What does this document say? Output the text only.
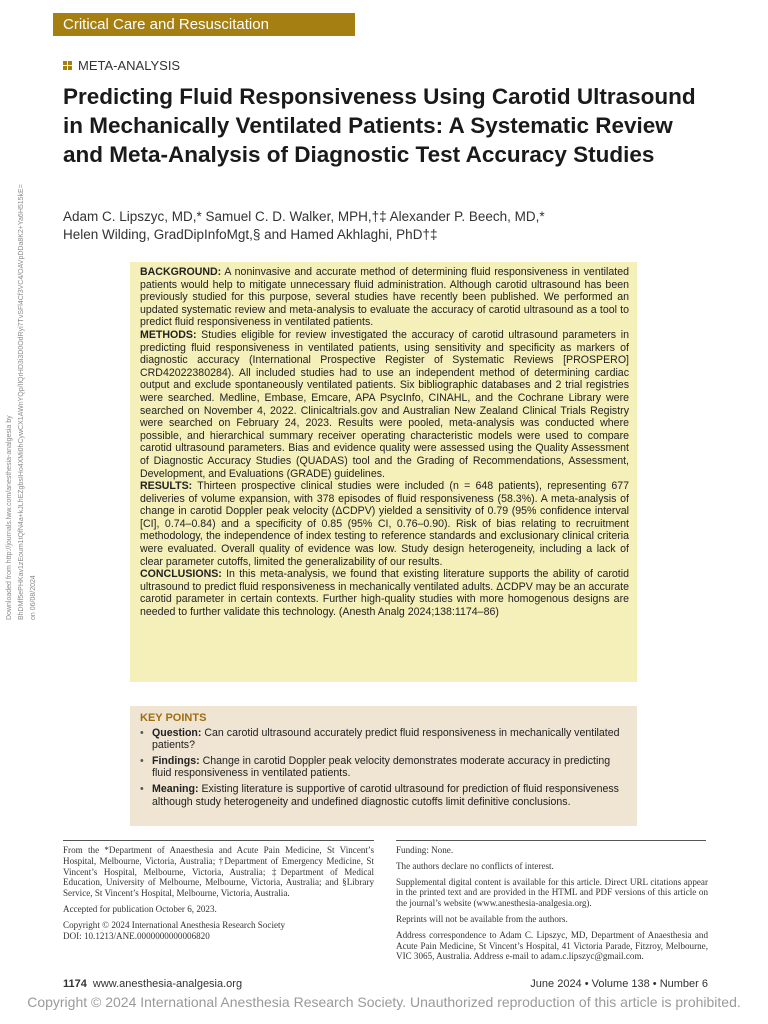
Critical Care and Resuscitation
META-ANALYSIS
Predicting Fluid Responsiveness Using Carotid Ultrasound in Mechanically Ventilated Patients: A Systematic Review and Meta-Analysis of Diagnostic Test Accuracy Studies
Adam C. Lipszyc, MD,* Samuel C. D. Walker, MPH,†‡ Alexander P. Beech, MD,*
Helen Wilding, GradDipInfoMgt,§ and Hamed Akhlaghi, PhD†‡
Downloaded from http://journals.lww.com/anesthesia-analgesia by BhDMf5ePHKav1zEoum1tQfN4a+kJLhEZgbsIHo4XMi0hCywCX1AWnYQp/IlQrHD3i3D0OdRyi7TvSFl4Cf3VC4/OAVpDDa8K2+Ya6H515kE= on 06/08/2024

BACKGROUND: A noninvasive and accurate method of determining fluid responsiveness in ventilated patients would help to mitigate unnecessary fluid administration. Although carotid ultrasound has been previously studied for this purpose, several studies have recently been published. We performed an updated systematic review and meta-analysis to evaluate the accuracy of carotid ultrasound as a tool to predict fluid responsiveness in ventilated patients.

METHODS: Studies eligible for review investigated the accuracy of carotid ultrasound parameters in predicting fluid responsiveness in ventilated patients, using sensitivity and specificity as markers of diagnostic accuracy (International Prospective Register of Systematic Reviews [PROSPERO] CRD42022380284). All included studies had to use an independent method of determining cardiac output and exclude spontaneously ventilated patients. Six bibliographic databases and 2 trial registries were searched. Medline, Embase, Emcare, APA PsycInfo, CINAHL, and the Cochrane Library were searched on November 4, 2022. Clinicaltrials.gov and Australian New Zealand Clinical Trials Registry were searched on February 24, 2023. Results were pooled, meta-analysis was conducted where possible, and hierarchical summary receiver operating characteristic models were used to compare carotid ultrasound parameters. Bias and evidence quality were assessed using the Quality Assessment of Diagnostic Accuracy Studies (QUADAS) tool and the Grading of Recommendations, Assessment, Development, and Evaluations (GRADE) guidelines.

RESULTS: Thirteen prospective clinical studies were included (n = 648 patients), representing 677 deliveries of volume expansion, with 378 episodes of fluid responsiveness (58.3%). A meta-analysis of change in carotid Doppler peak velocity (ΔCDPV) yielded a sensitivity of 0.79 (95% confidence interval [CI], 0.74–0.84) and a specificity of 0.85 (95% CI, 0.76–0.90). Risk of bias relating to recruitment methodology, the independence of index testing to reference standards and exclusionary clinical criteria were evaluated. Overall quality of evidence was low. Study design heterogeneity, including a lack of clear parameter cutoffs, limited the generalizability of our results.

CONCLUSIONS: In this meta-analysis, we found that existing literature supports the ability of carotid ultrasound to predict fluid responsiveness in mechanically ventilated adults. ΔCDPV may be an accurate carotid parameter in certain contexts. Further high-quality studies with more homogenous designs are needed to further validate this technology. (Anesth Analg 2024;138:1174–86)

KEY POINTS
• Question: Can carotid ultrasound accurately predict fluid responsiveness in mechanically ventilated patients?
• Findings: Change in carotid Doppler peak velocity demonstrates moderate accuracy in predicting fluid responsiveness in ventilated patients.
• Meaning: Existing literature is supportive of carotid ultrasound for prediction of fluid responsiveness although study heterogeneity and undefined diagnostic cutoffs limit definitive conclusions.

From the *Department of Anaesthesia and Acute Pain Medicine, St Vincent’s Hospital, Melbourne, Victoria, Australia; †Department of Emergency Medicine, St Vincent’s Hospital, Melbourne, Victoria, Australia; ‡Department of Medical Education, University of Melbourne, Melbourne, Victoria, Australia; and §Library Service, St Vincent’s Hospital, Melbourne, Victoria, Australia.

Accepted for publication October 6, 2023.

Copyright © 2024 International Anesthesia Research Society

DOI: 10.1213/ANE.0000000000006820

Funding: None.

The authors declare no conflicts of interest.

Supplemental digital content is available for this article. Direct URL citations appear in the printed text and are provided in the HTML and PDF versions of this article on the journal’s website (www.anesthesia-analgesia.org).

Reprints will not be available from the authors.

Address correspondence to Adam C. Lipszyc, MD, Department of Anaesthesia and Acute Pain Medicine, St Vincent’s Hospital, 41 Victoria Parade, Fitzroy, Melbourne, VIC 3065, Australia. Address e-mail to adam.c.lipszyc@gmail.com.

1174 www.anesthesia-analgesia.org	June 2024 • Volume 138 • Number 6
Copyright © 2024 International Anesthesia Research Society. Unauthorized reproduction of this article is prohibited.
